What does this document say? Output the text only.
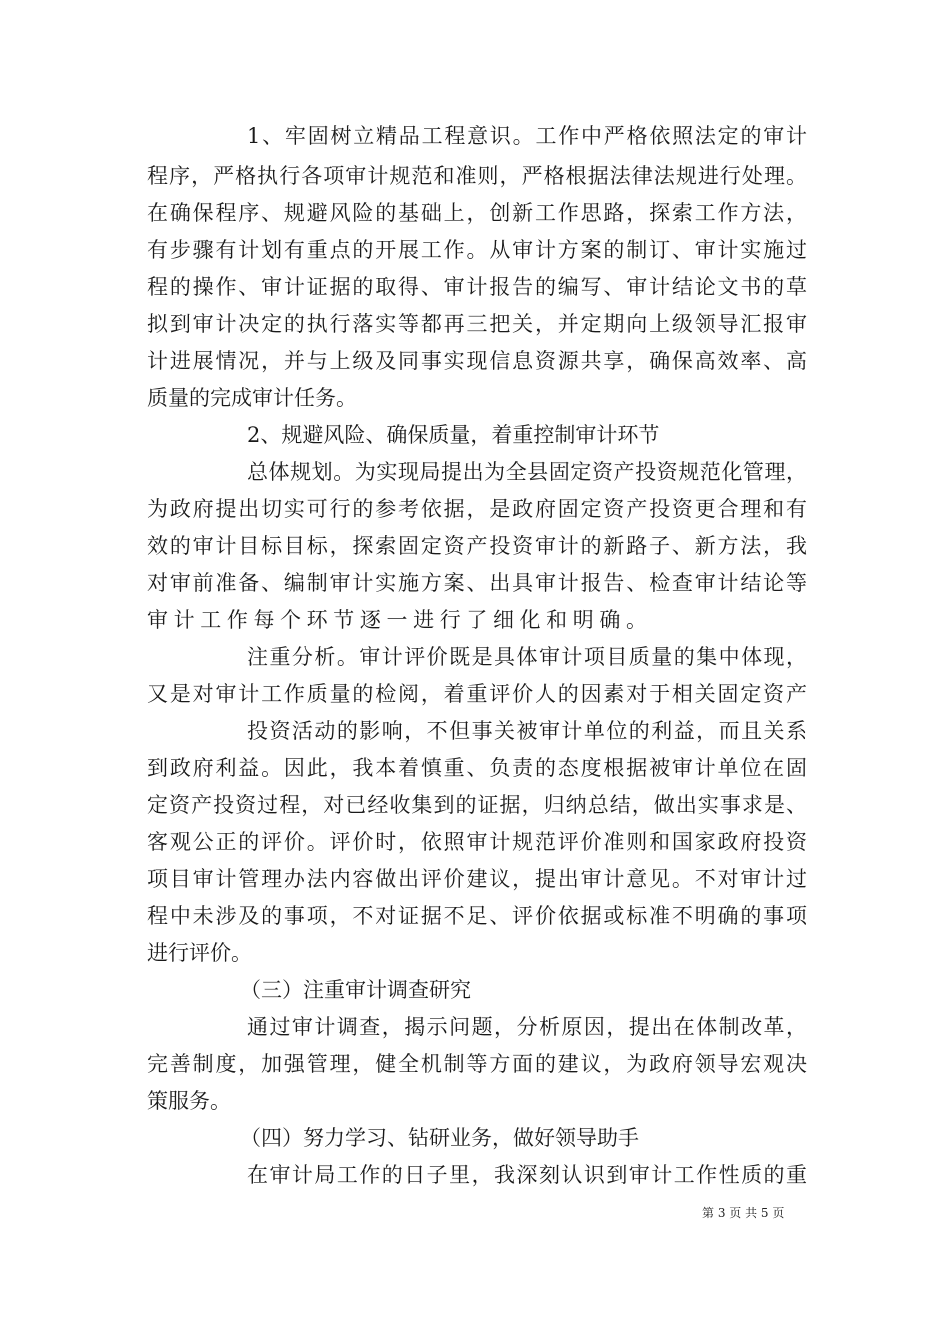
1、牢固树立精品工程意识。工作中严格依照法定的审计
程序，严格执行各项审计规范和准则，严格根据法律法规进行处理。
在确保程序、规避风险的基础上，创新工作思路，探索工作方法，
有步骤有计划有重点的开展工作。从审计方案的制订、审计实施过
程的操作、审计证据的取得、审计报告的编写、审计结论文书的草
拟到审计决定的执行落实等都再三把关，并定期向上级领导汇报审
计进展情况，并与上级及同事实现信息资源共享，确保高效率、高
质量的完成审计任务。
2、规避风险、确保质量，着重控制审计环节
总体规划。为实现局提出为全县固定资产投资规范化管理，
为政府提出切实可行的参考依据，是政府固定资产投资更合理和有
效的审计目标目标，探索固定资产投资审计的新路子、新方法，我
对审前准备、编制审计实施方案、出具审计报告、检查审计结论等
审计工作每个环节逐一进行了细化和明确。
注重分析。审计评价既是具体审计项目质量的集中体现，
又是对审计工作质量的检阅，着重评价人的因素对于相关固定资产
投资活动的影响，不但事关被审计单位的利益，而且关系
到政府利益。因此，我本着慎重、负责的态度根据被审计单位在固
定资产投资过程，对已经收集到的证据，归纳总结，做出实事求是、
客观公正的评价。评价时，依照审计规范评价准则和国家政府投资
项目审计管理办法内容做出评价建议，提出审计意见。不对审计过
程中未涉及的事项，不对证据不足、评价依据或标准不明确的事项
进行评价。
（三）注重审计调查研究
通过审计调查，揭示问题，分析原因，提出在体制改革，
完善制度，加强管理，健全机制等方面的建议，为政府领导宏观决
策服务。
（四）努力学习、钻研业务，做好领导助手
在审计局工作的日子里，我深刻认识到审计工作性质的重
第 3 页 共 5 页
